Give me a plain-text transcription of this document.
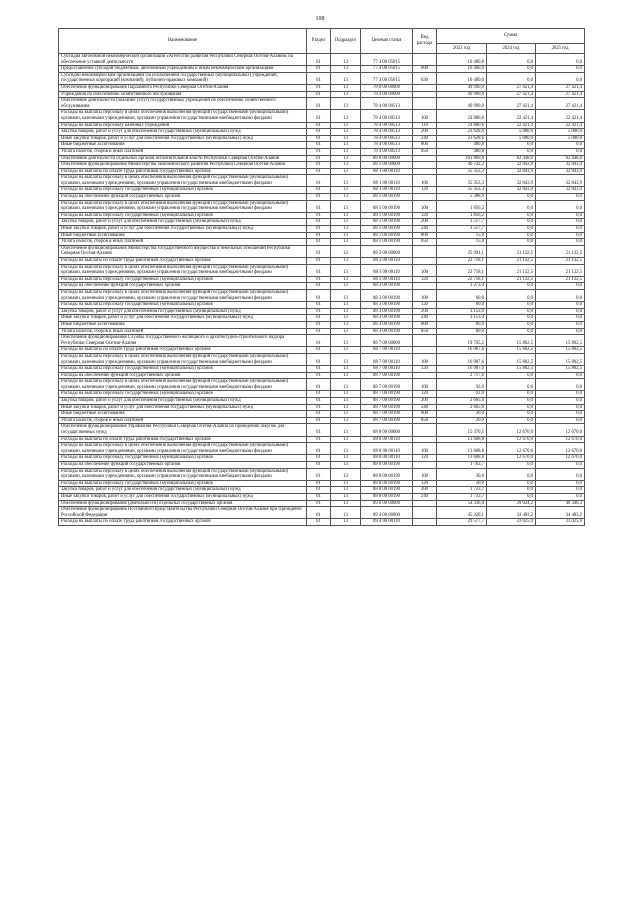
108
Наименование	Раздел	Подраздел	Целевая статья	Вид расхода	Сумма		
					2023 год	2024 год	2025 год
Субсидия автономной некоммерческой организации «Агентство развития Республики Северная Осетия-Алания» на обеспечение уставной деятельности	01	13	77 4 00 05015		10 400,0	0,0	0,0
Предоставление субсидий бюджетным, автономным учреждениям и иным некоммерческим организациям	01	13	77 4 00 05015	600	10 400,0	0,0	0,0
Субсидии некоммерческим организациям (за исключением государственных (муниципальных) учреждений, государственных корпораций (компаний), публично-правовых компаний)	01	13	77 4 00 05015	630	10 400,0	0,0	0,0
Обеспечение функционирования Парламента Республики Северная Осетия-Алания	01	13	78 0 00 00000		49 990,0	27 421,4	27 421,4
Учреждения по обеспечению хозяйственного обслуживания	01	13	78 4 00 00000		49 990,0	27 421,4	27 421,4
Обеспечение деятельности (оказание услуг) государственных учреждений по обеспечению хозяйственного обслуживания	01	13	78 4 00 00513		49 990,0	27 421,4	27 421,4
Расходы на выплаты персоналу в целях обеспечения выполнения функций государственными (муниципальными) органами, казенными учреждениями, органами управления государственными внебюджетными фондами	01	13	78 4 00 00513	100	24 880,6	22 421,4	22 421,4
Расходы на выплаты персоналу казенных учреждений	01	13	78 4 00 00513	110	24 880,6	22 421,4	22 421,4
Закупка товаров, работ и услуг для обеспечения государственных (муниципальных) нужд	01	13	78 4 00 00513	200	23 628,6	5 000,0	5 000,0
Иные закупки товаров, работ и услуг для обеспечения государственных (муниципальных) нужд	01	13	78 4 00 00513	240	23 628,6	5 000,0	5 000,0
Иные бюджетные ассигнования	01	13	78 4 00 00513	800	480,8	0,0	0,0
Уплата налогов, сборов и иных платежей	01	13	78 4 00 00513	850	480,8	0,0	0,0
Обеспечение деятельности отдельных органов исполнительной власти Республики Северная Осетия-Алания	01	13	88 0 00 00000		101 809,0	82 448,0	82 448,0
Обеспечение функционирования Министерства экономического развития Республики Северная Осетия-Алания	01	13	88 1 00 00000		40 742,2	32 843,9	32 843,9
Расходы на выплаты по оплате труда работников государственных органов	01	13	88 1 00 00110		35 353,3	32 843,9	32 843,9
Расходы на выплаты персоналу в целях обеспечения выполнения функций государственными (муниципальными) органами, казенными учреждениями, органами управления государственными внебюджетными фондами	01	13	88 1 00 00110	100	35 353,3	32 843,9	32 843,9
Расходы на выплаты персоналу государственных (муниципальных) органов	01	13	88 1 00 00110	120	35 353,3	32 843,9	32 843,9
Расходы на обеспечение функций государственных органов	01	13	88 1 00 00190		5 388,9	0,0	0,0
Расходы на выплаты персоналу в целях обеспечения выполнения функций государственными (муниципальными) органами, казенными учреждениями, органами управления государственными внебюджетными фондами	01	13	88 1 00 00190	100	1 856,2	0,0	0,0
Расходы на выплаты персоналу государственных (муниципальных) органов	01	13	88 1 00 00190	120	1 856,2	0,0	0,0
Закупка товаров, работ и услуг для обеспечения государственных (муниципальных) нужд	01	13	88 1 00 00190	200	3 517,7	0,0	0,0
Иные закупки товаров, работ и услуг для обеспечения государственных (муниципальных) нужд	01	13	88 1 00 00190	240	3 517,7	0,0	0,0
Иные бюджетные ассигнования	01	13	88 1 00 00190	800	15,0	0,0	0,0
Уплата налогов, сборов и иных платежей	01	13	88 1 00 00190	850	15,0	0,0	0,0
Обеспечение функционирования Министерства государственного имущества и земельных отношений Республики Северная Осетия-Алания	01	13	88 3 00 00000		25 991,1	21 132,5	21 132,5
Расходы на выплаты по оплате труда работников государственных органов	01	13	88 3 00 00110		22 718,1	21 132,5	21 132,5
Расходы на выплаты персоналу в целях обеспечения выполнения функций государственными (муниципальными) органами, казенными учреждениями, органами управления государственными внебюджетными фондами	01	13	88 3 00 00110	100	22 718,1	21 132,5	21 132,5
Расходы на выплаты персоналу государственных (муниципальных) органов	01	13	88 3 00 00110	120	22 718,1	21 132,5	21 132,5
Расходы на обеспечение функций государственных органов	01	13	88 3 00 00190		3 273,0	0,0	0,0
Расходы на выплаты персоналу в целях обеспечения выполнения функций государственными (муниципальными) органами, казенными учреждениями, органами управления государственными внебюджетными фондами	01	13	88 3 00 00190	100	60,0	0,0	0,0
Расходы на выплаты персоналу государственных (муниципальных) органов	01	13	88 3 00 00190	120	60,0	0,0	0,0
Закупка товаров, работ и услуг для обеспечения государственных (муниципальных) нужд	01	13	88 3 00 00190	200	3 153,0	0,0	0,0
Иные закупки товаров, работ и услуг для обеспечения государственных (муниципальных) нужд	01	13	88 3 00 00190	240	3 153,0	0,0	0,0
Иные бюджетные ассигнования	01	13	88 3 00 00190	800	60,0	0,0	0,0
Уплата налогов, сборов и иных платежей	01	13	88 3 00 00190	850	60,0	0,0	0,0
Обеспечение функционирования Службы государственного жилищного и архитектурно-строительного надзора Республики Северная Осетия-Алания	01	13	88 7 00 00000		19 705,2	15 802,5	15 802,5
Расходы на выплаты по оплате труда работников государственных органов	01	13	88 7 00 00110		16 987,6	15 802,5	15 802,5
Расходы на выплаты персоналу в целях обеспечения выполнения функций государственными (муниципальными) органами, казенными учреждениями, органами управления государственными внебюджетными фондами	01	13	88 7 00 00110	100	16 987,6	15 802,5	15 802,5
Расходы на выплаты персоналу государственных (муниципальных) органов	01	13	88 7 00 00110	120	16 987,6	15 802,5	15 802,5
Расходы на обеспечение функций государственных органов	01	13	88 7 00 00190		2 717,6	0,0	0,0
Расходы на выплаты персоналу в целях обеспечения выполнения функций государственными (муниципальными) органами, казенными учреждениями, органами управления государственными внебюджетными фондами	01	13	88 7 00 00190	100	92,0	0,0	0,0
Расходы на выплаты персоналу государственных (муниципальных) органов	01	13	88 7 00 00190	120	92,0	0,0	0,0
Закупка товаров, работ и услуг для обеспечения государственных (муниципальных) нужд	01	13	88 7 00 00190	200	2 605,6	0,0	0,0
Иные закупки товаров, работ и услуг для обеспечения государственных (муниципальных) нужд	01	13	88 7 00 00190	240	2 605,6	0,0	0,0
Иные бюджетные ассигнования	01	13	88 7 00 00190	800	20,0	0,0	0,0
Уплата налогов, сборов и иных платежей	01	13	88 7 00 00190	850	20,0	0,0	0,0
Обеспечение функционирования Управления Республики Северная Осетия-Алания по проведению закупок для государственных нужд	01	13	88 8 00 00000		15 370,5	12 670,0	12 670,0
Расходы на выплаты по оплате труда работников государственных органов	01	13	88 8 00 00110		13 608,8	12 670,0	12 670,0
Расходы на выплаты персоналу в целях обеспечения выполнения функций государственными (муниципальными) органами, казенными учреждениями, органами управления государственными внебюджетными фондами	01	13	88 8 00 00110	100	13 608,8	12 670,0	12 670,0
Расходы на выплаты персоналу государственных (муниципальных) органов	01	13	88 8 00 00110	120	13 608,8	12 670,0	12 670,0
Расходы на обеспечение функций государственных органов	01	13	88 8 00 00190		1 763,7	0,0	0,0
Расходы на выплаты персоналу в целях обеспечения выполнения функций государственными (муниципальными) органами, казенными учреждениями, органами управления государственными внебюджетными фондами	01	13	88 8 00 00190	100	30,0	0,0	0,0
Расходы на выплаты персоналу государственных (муниципальных) органов	01	13	88 8 00 00190	120	30,0	0,0	0,0
Закупка товаров, работ и услуг для обеспечения государственных (муниципальных) нужд	01	13	88 8 00 00190	200	1 733,7	0,0	0,0
Иные закупки товаров, работ и услуг для обеспечения государственных (муниципальных) нужд	01	13	88 8 00 00190	240	1 733,7	0,0	0,0
Обеспечение функционирования (деятельности) отдельных государственных органов	01	13	89 0 00 00000		54 336,0	39 024,2	40 346,3
Обеспечение функционирования Постоянного представительства Республики Северная Осетия-Алания при Президенте Российской Федерации	01	13	89 4 00 00000		45 320,1	34 483,2	34 483,2
Расходы на выплаты по оплате труда работников государственных органов	01	13	89 4 00 00110		29 577,7	33 025,9	33 025,9
